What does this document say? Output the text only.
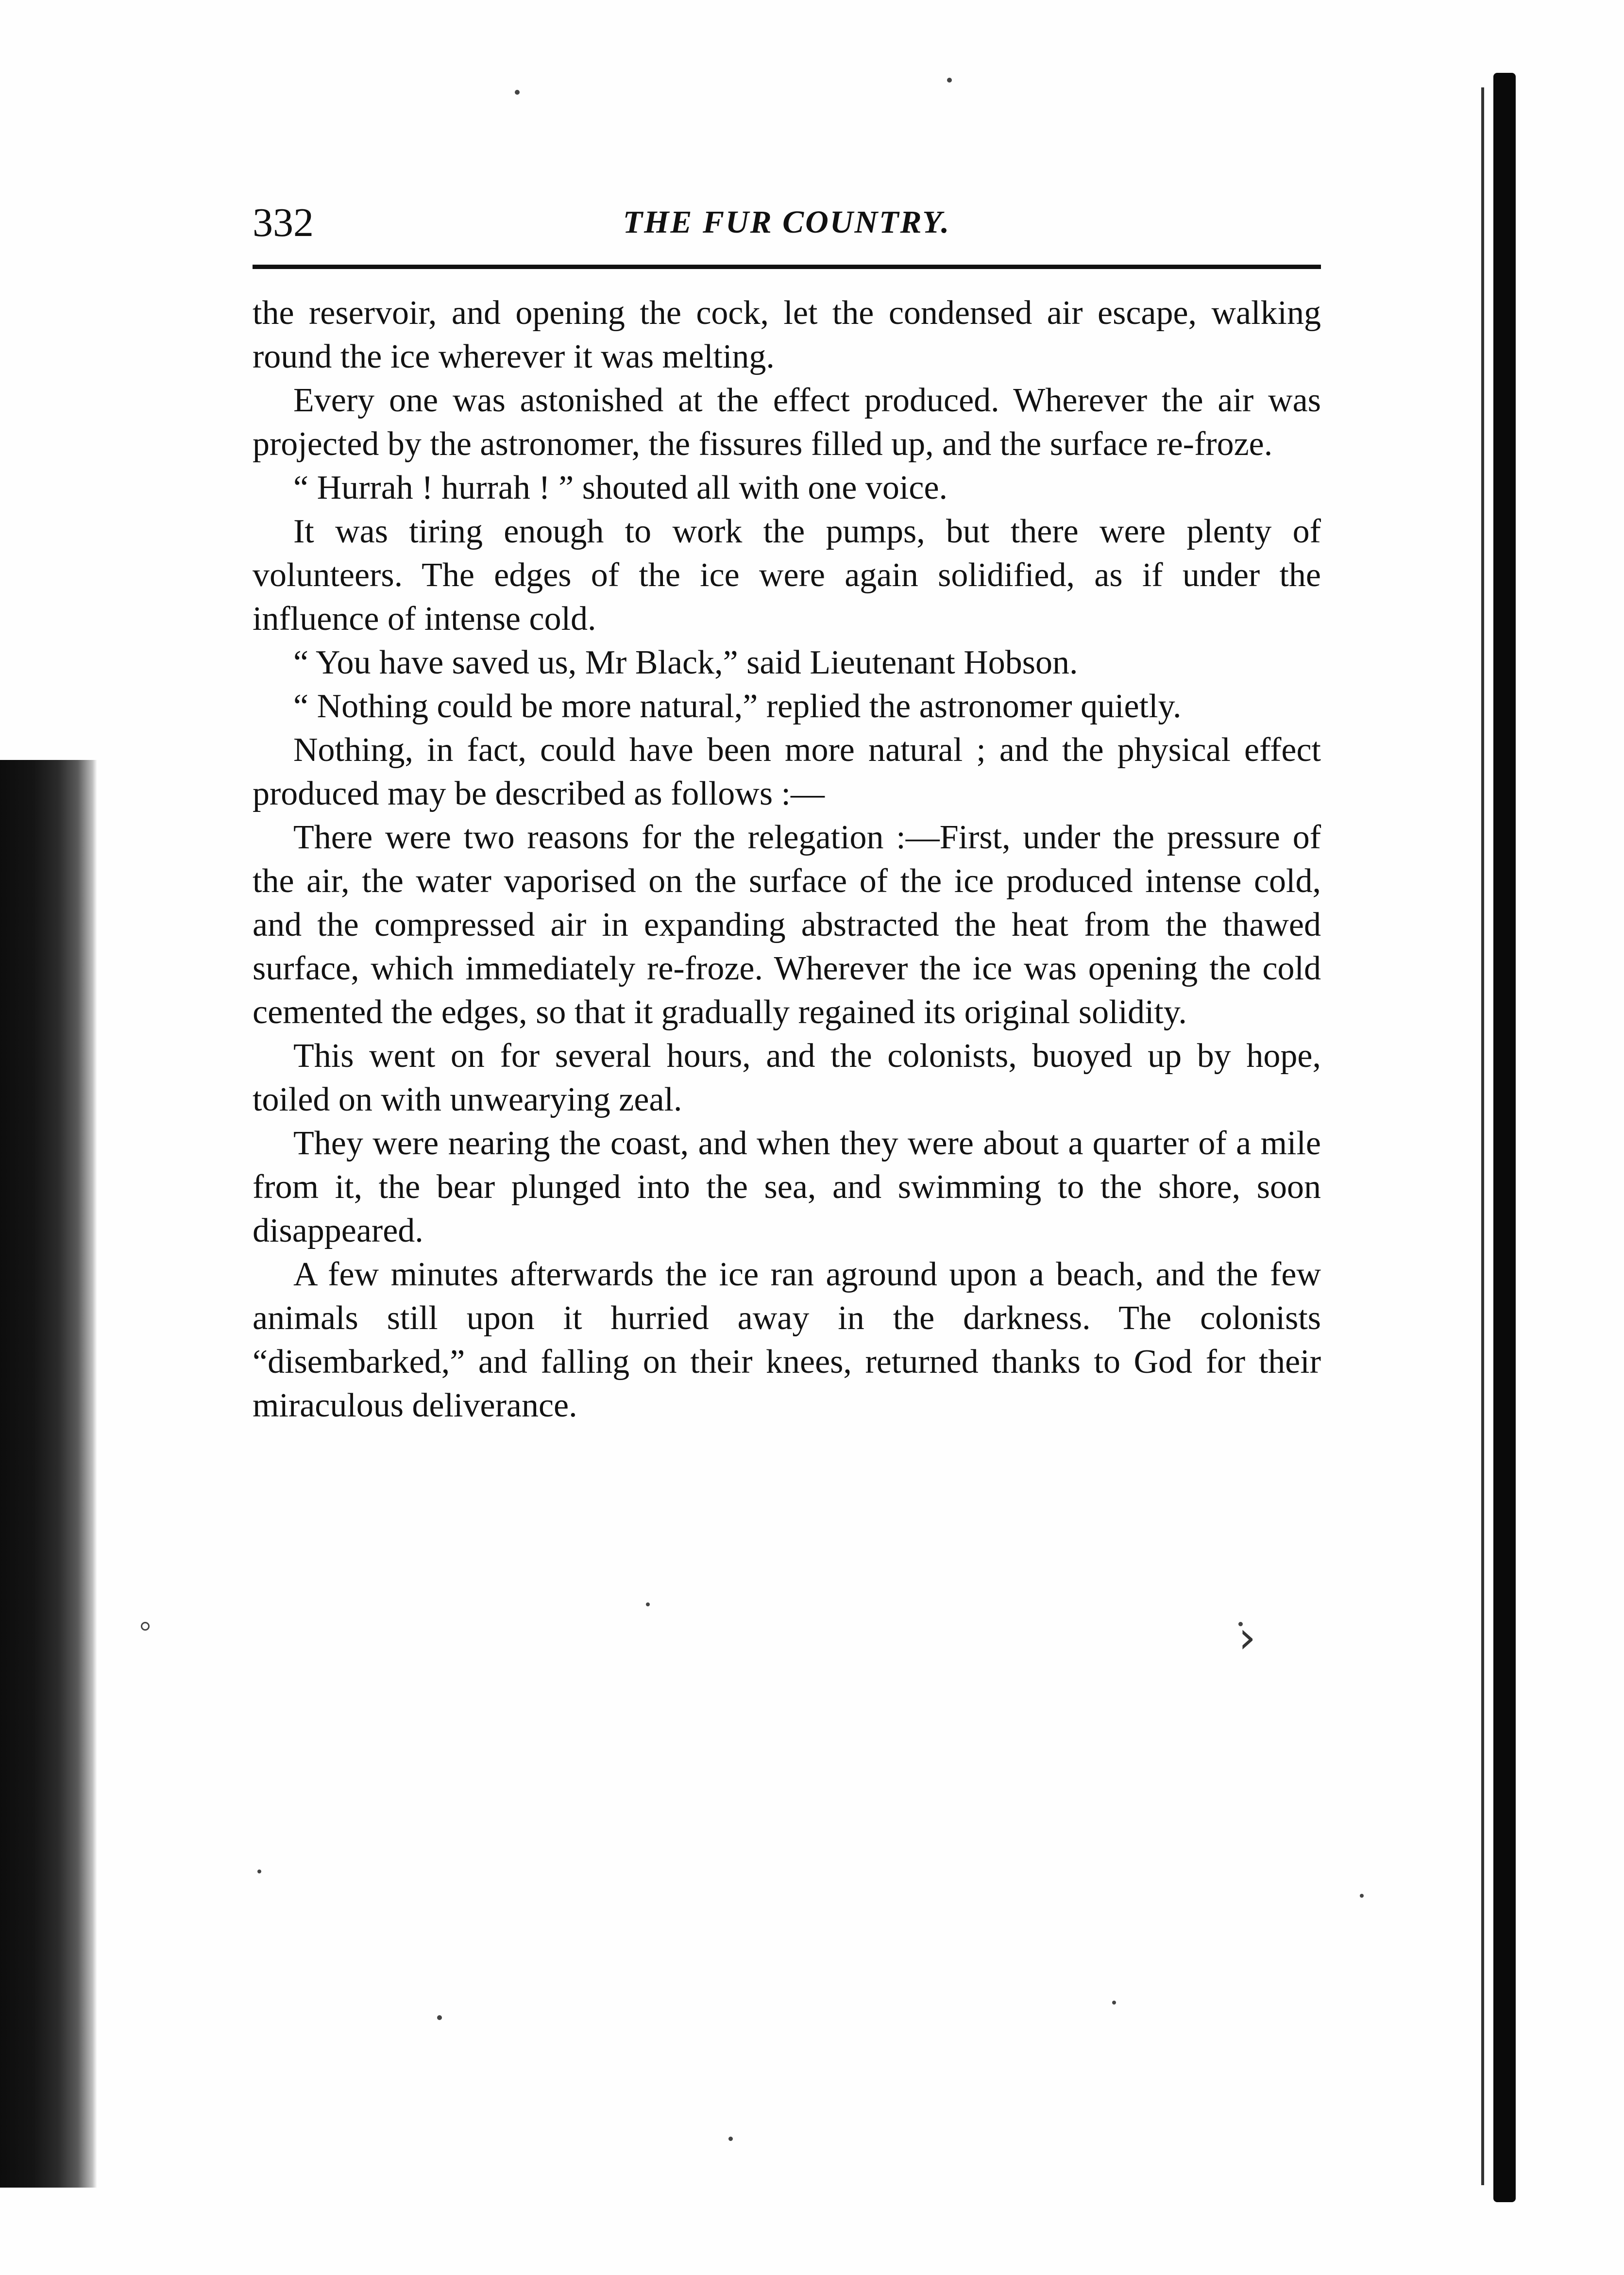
332	THE FUR COUNTRY.

the reservoir, and opening the cock, let the condensed air escape, walking round the ice wherever it was melting.

Every one was astonished at the effect produced. Wherever the air was projected by the astronomer, the fissures filled up, and the surface re-froze.

“ Hurrah ! hurrah ! ” shouted all with one voice.

It was tiring enough to work the pumps, but there were plenty of volunteers. The edges of the ice were again solidified, as if under the influence of intense cold.

“ You have saved us, Mr Black,” said Lieutenant Hobson.

“ Nothing could be more natural,” replied the astronomer quietly.

Nothing, in fact, could have been more natural ; and the physical effect produced may be described as follows :—

There were two reasons for the relegation :—First, under the pressure of the air, the water vaporised on the surface of the ice produced intense cold, and the compressed air in expanding abstracted the heat from the thawed surface, which immediately re-froze. Wherever the ice was opening the cold cemented the edges, so that it gradually regained its original solidity.

This went on for several hours, and the colonists, buoyed up by hope, toiled on with unwearying zeal.

They were nearing the coast, and when they were about a quarter of a mile from it, the bear plunged into the sea, and swimming to the shore, soon disappeared.

A few minutes afterwards the ice ran aground upon a beach, and the few animals still upon it hurried away in the darkness. The colonists “disembarked,” and falling on their knees, returned thanks to God for their miraculous deliverance.

›
